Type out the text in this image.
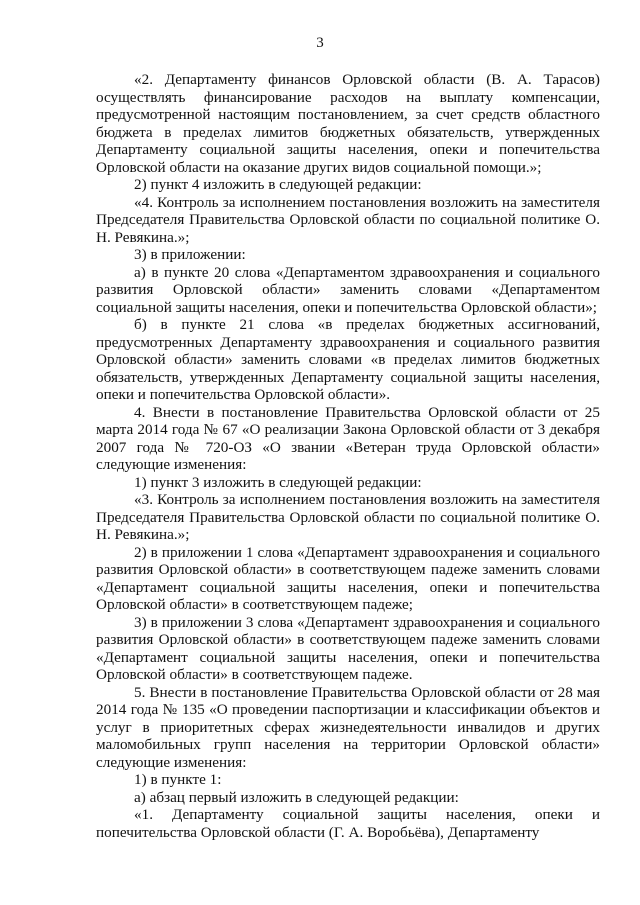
3

«2. Департаменту финансов Орловской области (В. А. Тарасов) осуществлять финансирование расходов на выплату компенсации, предусмотренной настоящим постановлением, за счет средств областного бюджета в пределах лимитов бюджетных обязательств, утвержденных Департаменту социальной защиты населения, опеки и попечительства Орловской области на оказание других видов социальной помощи.»;

2) пункт 4 изложить в следующей редакции:

«4. Контроль за исполнением постановления возложить на заместителя Председателя Правительства Орловской области по социальной политике О. Н. Ревякина.»;

3) в приложении:

а) в пункте 20 слова «Департаментом здравоохранения и социального развития Орловской области» заменить словами «Департаментом социальной защиты населения, опеки и попечительства Орловской области»;

б) в пункте 21 слова «в пределах бюджетных ассигнований, предусмотренных Департаменту здравоохранения и социального развития Орловской области» заменить словами «в пределах лимитов бюджетных обязательств, утвержденных Департаменту социальной защиты населения, опеки и попечительства Орловской области».

4. Внести в постановление Правительства Орловской области от 25 марта 2014 года № 67 «О реализации Закона Орловской области от 3 декабря 2007 года № 720-ОЗ «О звании «Ветеран труда Орловской области» следующие изменения:

1) пункт 3 изложить в следующей редакции:

«3. Контроль за исполнением постановления возложить на заместителя Председателя Правительства Орловской области по социальной политике О. Н. Ревякина.»;

2) в приложении 1 слова «Департамент здравоохранения и социального развития Орловской области» в соответствующем падеже заменить словами «Департамент социальной защиты населения, опеки и попечительства Орловской области» в соответствующем падеже;

3) в приложении 3 слова «Департамент здравоохранения и социального развития Орловской области» в соответствующем падеже заменить словами «Департамент социальной защиты населения, опеки и попечительства Орловской области» в соответствующем падеже.

5. Внести в постановление Правительства Орловской области от 28 мая 2014 года № 135 «О проведении паспортизации и классификации объектов и услуг в приоритетных сферах жизнедеятельности инвалидов и других маломобильных групп населения на территории Орловской области» следующие изменения:

1) в пункте 1:

а) абзац первый изложить в следующей редакции:

«1. Департаменту социальной защиты населения, опеки и попечительства Орловской области (Г. А. Воробьёва), Департаменту
